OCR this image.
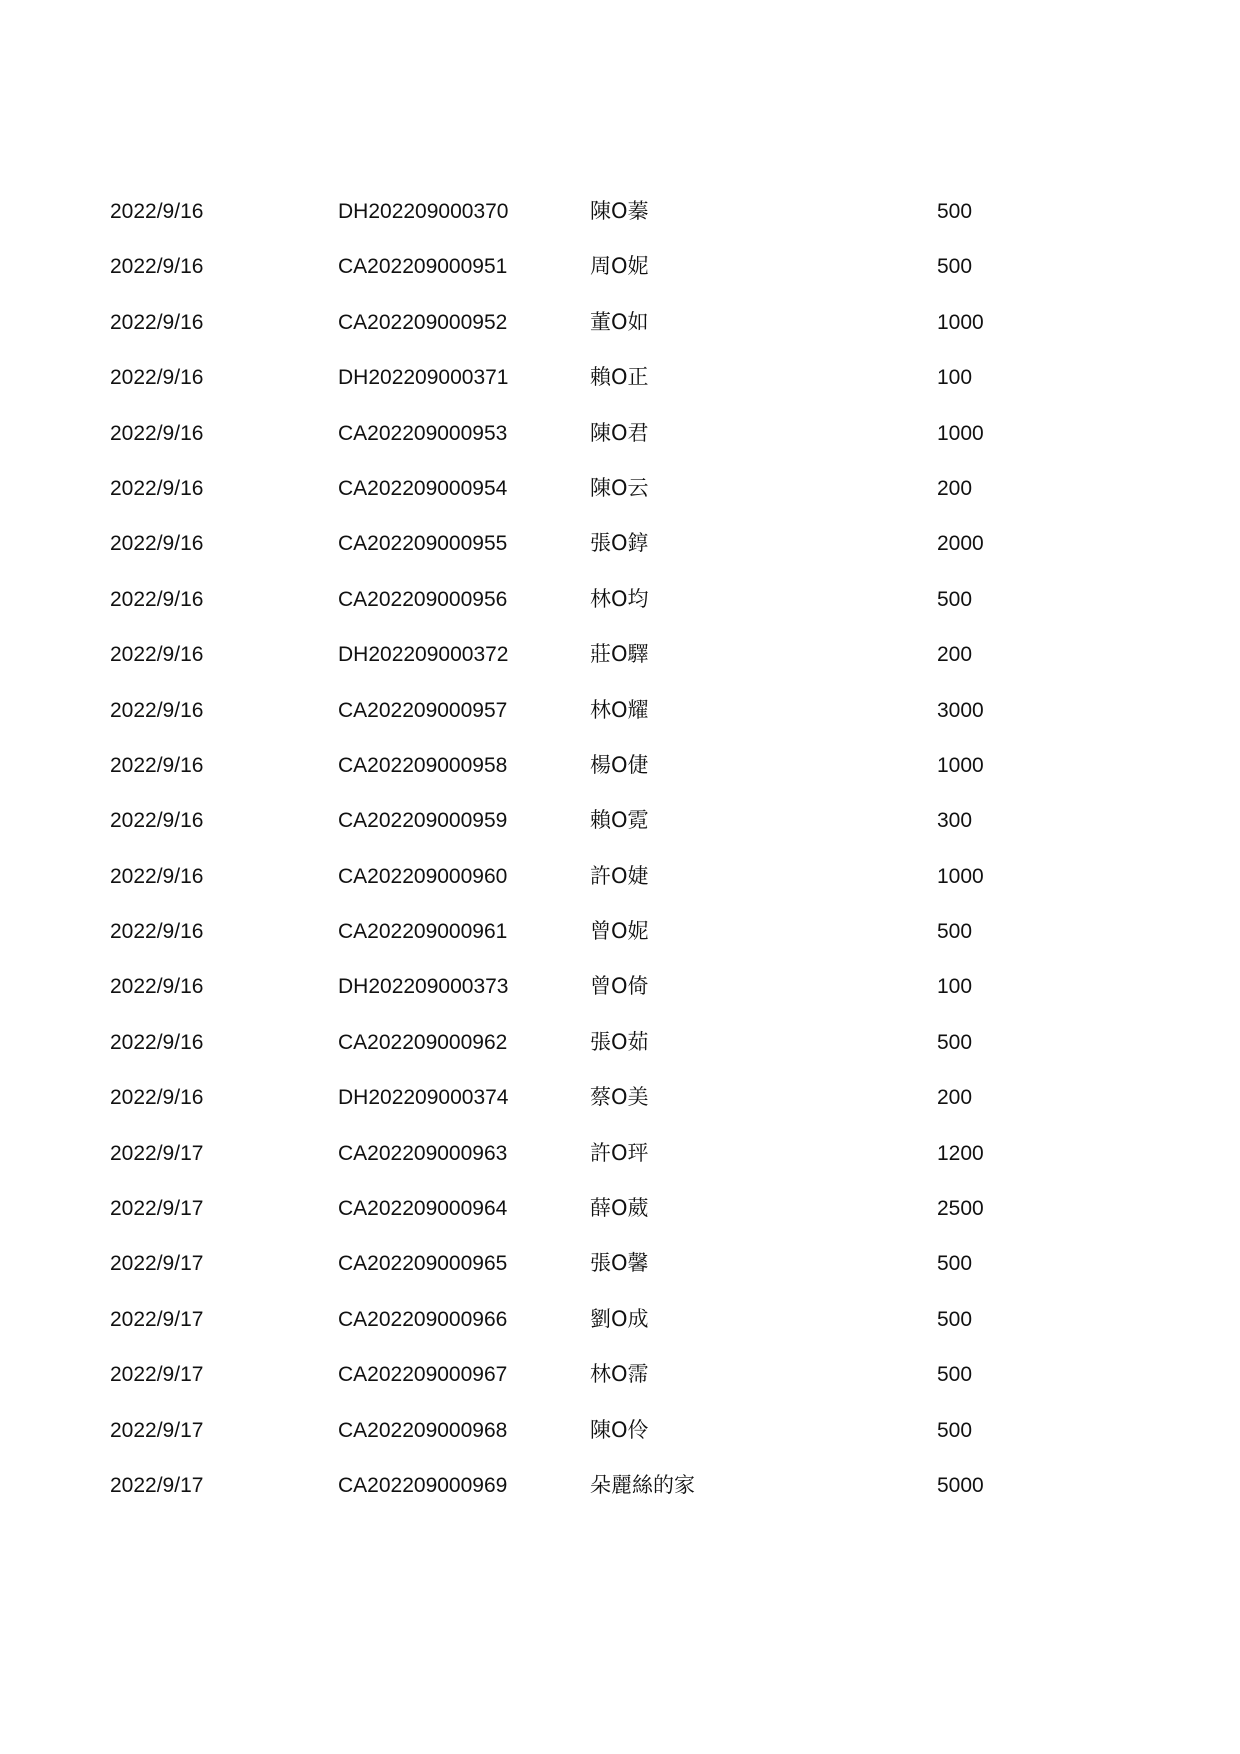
2022/9/16	DH202209000370	陳O蓁	500
2022/9/16	CA202209000951	周O妮	500
2022/9/16	CA202209000952	董O如	1000
2022/9/16	DH202209000371	賴O正	100
2022/9/16	CA202209000953	陳O君	1000
2022/9/16	CA202209000954	陳O云	200
2022/9/16	CA202209000955	張O錞	2000
2022/9/16	CA202209000956	林O均	500
2022/9/16	DH202209000372	莊O驛	200
2022/9/16	CA202209000957	林O耀	3000
2022/9/16	CA202209000958	楊O倢	1000
2022/9/16	CA202209000959	賴O霓	300
2022/9/16	CA202209000960	許O婕	1000
2022/9/16	CA202209000961	曾O妮	500
2022/9/16	DH202209000373	曾O倚	100
2022/9/16	CA202209000962	張O茹	500
2022/9/16	DH202209000374	蔡O美	200
2022/9/17	CA202209000963	許O玶	1200
2022/9/17	CA202209000964	薛O葳	2500
2022/9/17	CA202209000965	張O馨	500
2022/9/17	CA202209000966	劉O成	500
2022/9/17	CA202209000967	林O霈	500
2022/9/17	CA202209000968	陳O伶	500
2022/9/17	CA202209000969	朵麗絲的家	5000
